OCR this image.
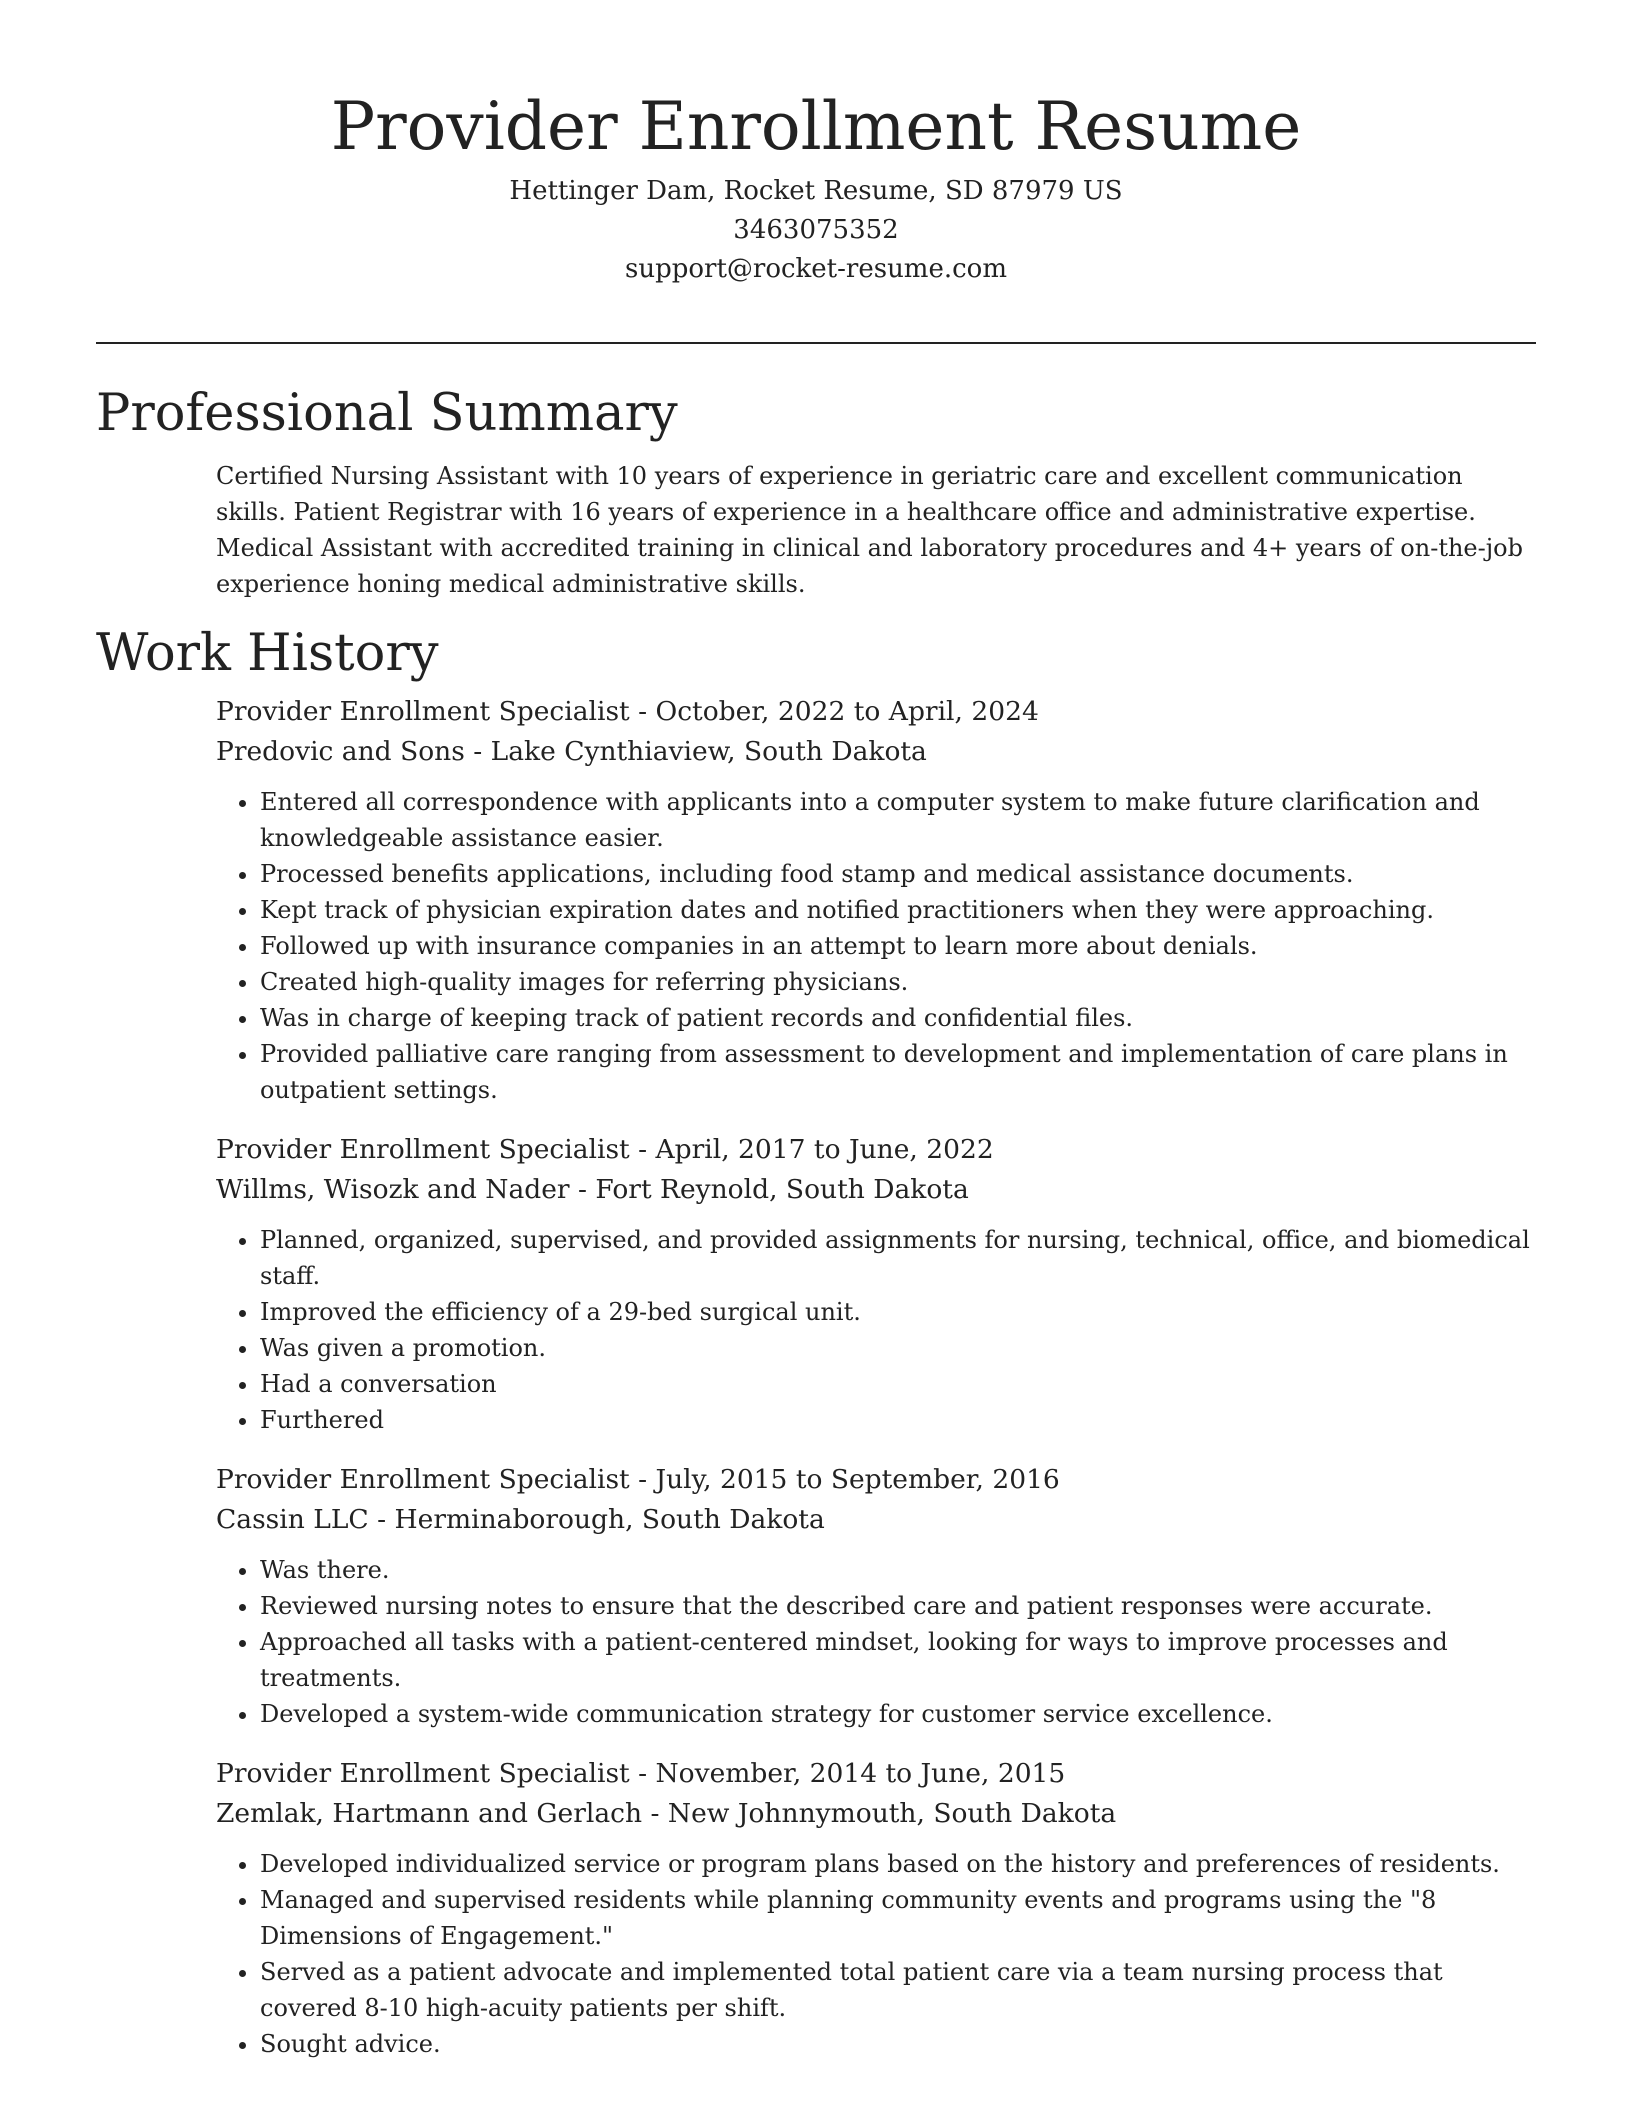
Provider Enrollment Resume
Hettinger Dam, Rocket Resume, SD 87979 US
3463075352
support@rocket-resume.com
Professional Summary

Certified Nursing Assistant with 10 years of experience in geriatric care and excellent communication skills. Patient Registrar with 16 years of experience in a healthcare office and administrative expertise. Medical Assistant with accredited training in clinical and laboratory procedures and 4+ years of on-the-job experience honing medical administrative skills.

Work History
Provider Enrollment Specialist - October, 2022 to April, 2024
Predovic and Sons - Lake Cynthiaview, South Dakota
• Entered all correspondence with applicants into a computer system to make future clarification and knowledgeable assistance easier.
• Processed benefits applications, including food stamp and medical assistance documents.
• Kept track of physician expiration dates and notified practitioners when they were approaching.
• Followed up with insurance companies in an attempt to learn more about denials.
• Created high-quality images for referring physicians.
• Was in charge of keeping track of patient records and confidential files.
• Provided palliative care ranging from assessment to development and implementation of care plans in outpatient settings.
Provider Enrollment Specialist - April, 2017 to June, 2022
Willms, Wisozk and Nader - Fort Reynold, South Dakota
• Planned, organized, supervised, and provided assignments for nursing, technical, office, and biomedical staff.
• Improved the efficiency of a 29-bed surgical unit.
• Was given a promotion.
• Had a conversation
• Furthered
Provider Enrollment Specialist - July, 2015 to September, 2016
Cassin LLC - Herminaborough, South Dakota
• Was there.
• Reviewed nursing notes to ensure that the described care and patient responses were accurate.
• Approached all tasks with a patient-centered mindset, looking for ways to improve processes and treatments.
• Developed a system-wide communication strategy for customer service excellence.
Provider Enrollment Specialist - November, 2014 to June, 2015
Zemlak, Hartmann and Gerlach - New Johnnymouth, South Dakota
• Developed individualized service or program plans based on the history and preferences of residents.
• Managed and supervised residents while planning community events and programs using the "8 Dimensions of Engagement."
• Served as a patient advocate and implemented total patient care via a team nursing process that covered 8-10 high-acuity patients per shift.
• Sought advice.
